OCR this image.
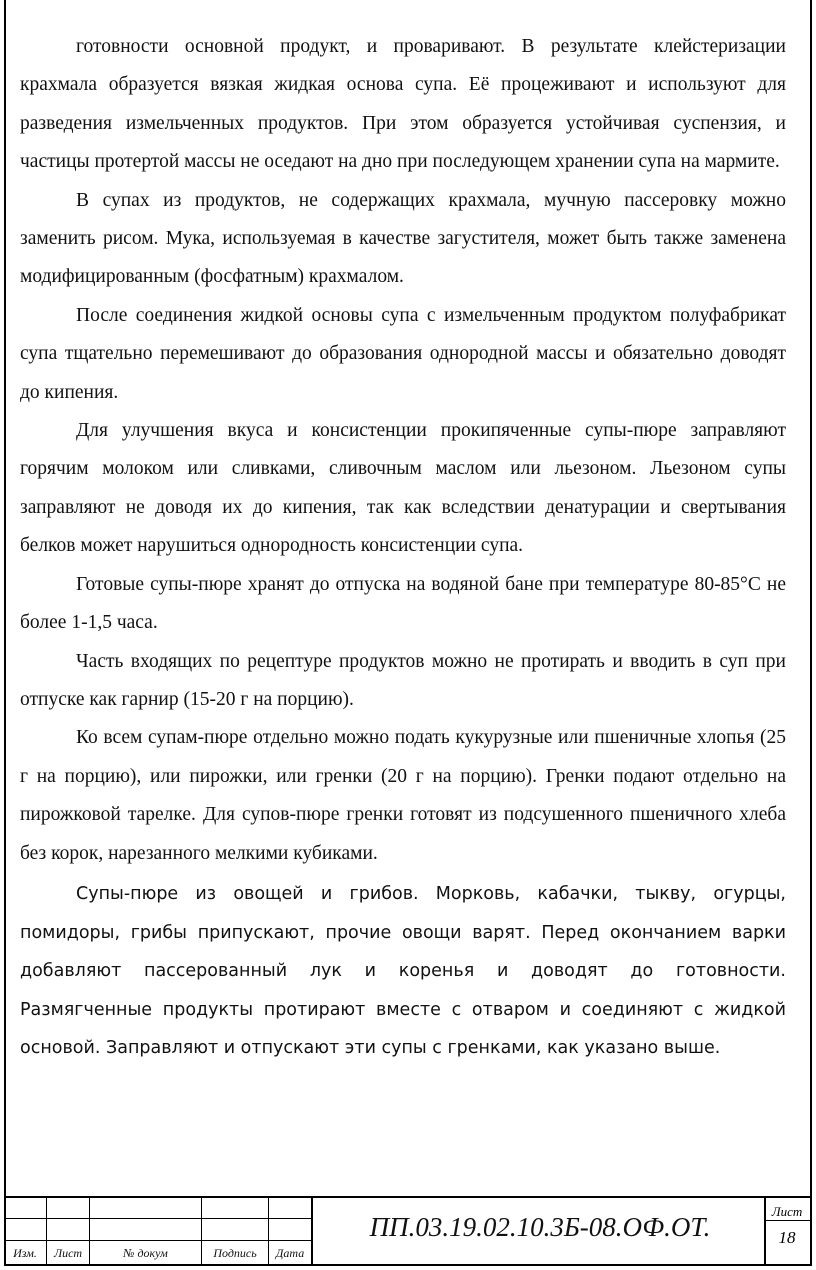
готовности основной продукт, и проваривают. В результате клейстеризации крахмала образуется вязкая жидкая основа супа. Её процеживают и используют для разведения измельченных продуктов. При этом образуется устойчивая суспензия, и частицы протертой массы не оседают на дно при последующем хранении супа на мармите.

В супах из продуктов, не содержащих крахмала, мучную пассеровку можно заменить рисом. Мука, используемая в качестве загустителя, может быть также заменена модифицированным (фосфатным) крахмалом.

После соединения жидкой основы супа с измельченным продуктом полуфабрикат супа тщательно перемешивают до образования однородной массы и обязательно доводят до кипения.

Для улучшения вкуса и консистенции прокипяченные супы-пюре заправляют горячим молоком или сливками, сливочным маслом или льезоном. Льезоном супы заправляют не доводя их до кипения, так как вследствии денатурации и свертывания белков может нарушиться однородность консистенции супа.

Готовые супы-пюре хранят до отпуска на водяной бане при температуре 80-85°С не более 1-1,5 часа.

Часть входящих по рецептуре продуктов можно не протирать и вводить в суп при отпуске как гарнир (15-20 г на порцию).

Ко всем супам-пюре отдельно можно подать кукурузные или пшеничные хлопья (25 г на порцию), или пирожки, или гренки (20 г на порцию). Гренки подают отдельно на пирожковой тарелке. Для супов-пюре гренки готовят из подсушенного пшеничного хлеба без корок, нарезанного мелкими кубиками.

Супы-пюре из овощей и грибов. Морковь, кабачки, тыкву, огурцы, помидоры, грибы припускают, прочие овощи варят. Перед окончанием варки добавляют пассерованный лук и коренья и доводят до готовности. Размягченные продукты протирают вместе с отваром и соединяют с жидкой основой. Заправляют и отпускают эти супы с гренками, как указано выше.

Изм.	Лист	№ докум	Подпись	Дата
ПП.03.19.02.10.3Б-08.ОФ.ОТ.
Лист
18
